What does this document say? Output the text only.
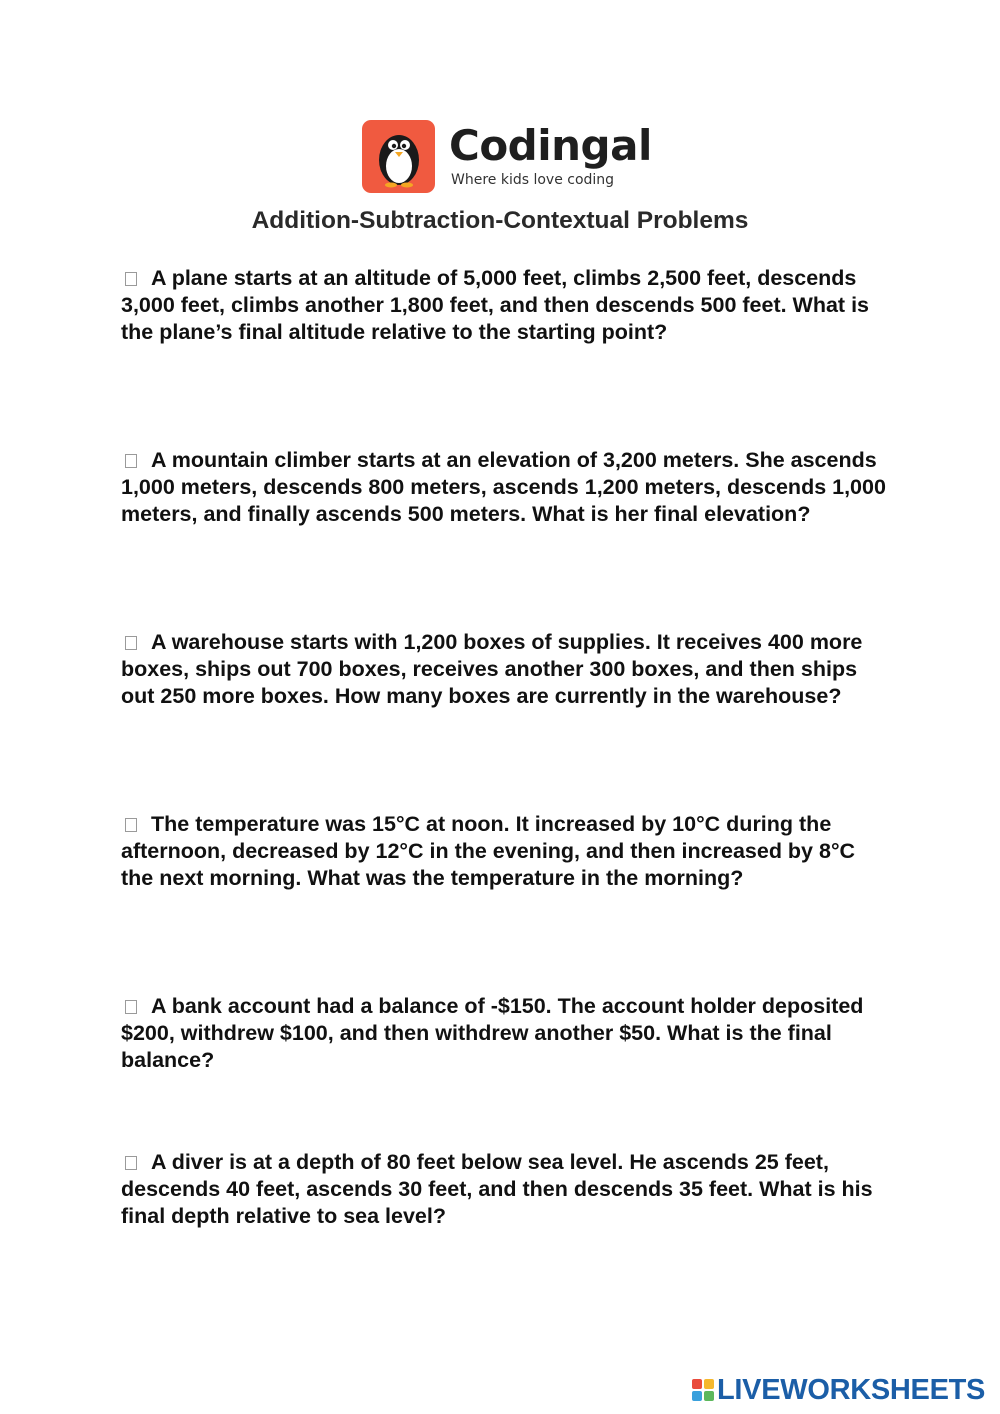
Codingal
Where kids love coding
Addition-Subtraction-Contextual Problems
A plane starts at an altitude of 5,000 feet, climbs 2,500 feet, descends 3,000 feet, climbs another 1,800 feet, and then descends 500 feet. What is the plane’s final altitude relative to the starting point?
A mountain climber starts at an elevation of 3,200 meters. She ascends 1,000 meters, descends 800 meters, ascends 1,200 meters, descends 1,000 meters, and finally ascends 500 meters. What is her final elevation?
A warehouse starts with 1,200 boxes of supplies. It receives 400 more boxes, ships out 700 boxes, receives another 300 boxes, and then ships out 250 more boxes. How many boxes are currently in the warehouse?
The temperature was 15°C at noon. It increased by 10°C during the afternoon, decreased by 12°C in the evening, and then increased by 8°C the next morning. What was the temperature in the morning?
A bank account had a balance of -$150. The account holder deposited $200, withdrew $100, and then withdrew another $50. What is the final balance?
A diver is at a depth of 80 feet below sea level. He ascends 25 feet, descends 40 feet, ascends 30 feet, and then descends 35 feet. What is his final depth relative to sea level?
LIVEWORKSHEETS
